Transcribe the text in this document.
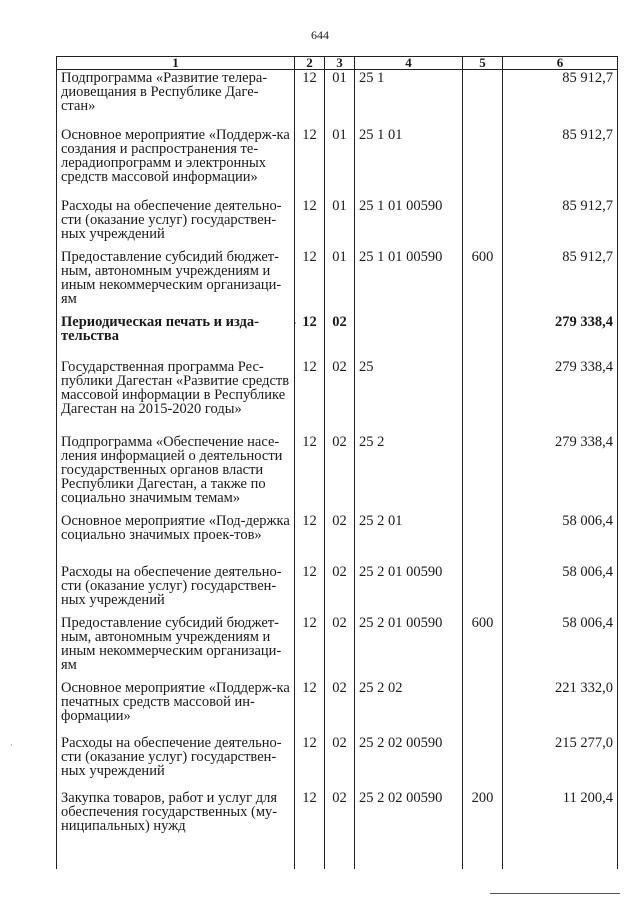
644
1	2	3	4	5	6
Подпрограмма «Развитие телера-диовещания в Республике Даге-стан»	12	01	25 1		85 912,7
Основное мероприятие «Поддерж-ка создания и распространения те-лерадиопрограмм и электронных средств массовой информации»	12	01	25 1 01		85 912,7
Расходы на обеспечение деятельно-сти (оказание услуг) государствен-ных учреждений	12	01	25 1 01 00590		85 912,7
Предоставление субсидий бюджет-ным, автономным учреждениям и иным некоммерческим организаци-ям	12	01	25 1 01 00590	600	85 912,7
Периодическая печать и изда-тельства	12	02			279 338,4
Государственная программа Рес-публики Дагестан «Развитие средств массовой информации в Республике Дагестан на 2015-2020 годы»	12	02	25		279 338,4
Подпрограмма «Обеспечение насе-ления информацией о деятельности государственных органов власти Республики Дагестан, а также по социально значимым темам»	12	02	25 2		279 338,4
Основное мероприятие «Под-держка социально значимых проек-тов»	12	02	25 2 01		58 006,4
Расходы на обеспечение деятельно-сти (оказание услуг) государствен-ных учреждений	12	02	25 2 01 00590		58 006,4
Предоставление субсидий бюджет-ным, автономным учреждениям и иным некоммерческим организаци-ям	12	02	25 2 01 00590	600	58 006,4
Основное мероприятие «Поддерж-ка печатных средств массовой ин-формации»	12	02	25 2 02		221 332,0
Расходы на обеспечение деятельно-сти (оказание услуг) государствен-ных учреждений	12	02	25 2 02 00590		215 277,0
Закупка товаров, работ и услуг для обеспечения государственных (му-ниципальных) нужд	12	02	25 2 02 00590	200	11 200,4

·
·
